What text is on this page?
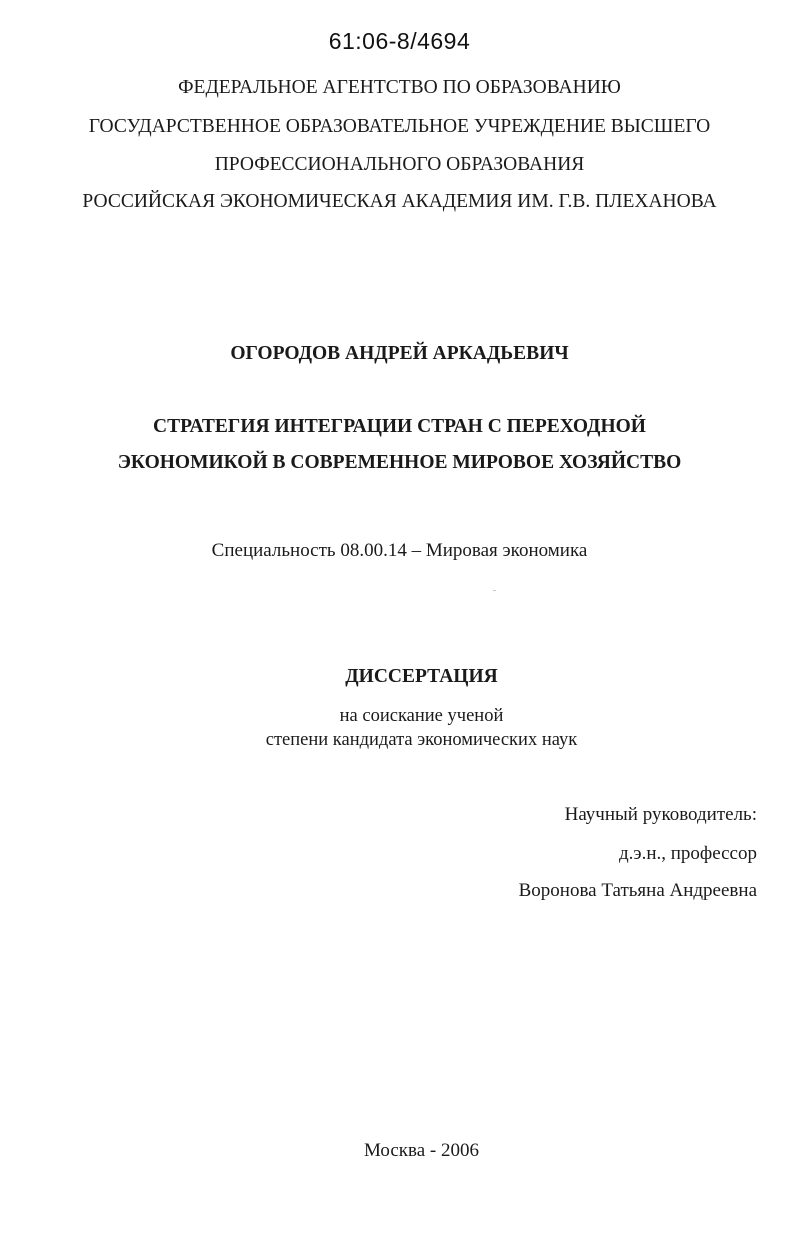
61:06-8/4694
ФЕДЕРАЛЬНОЕ АГЕНТСТВО ПО ОБРАЗОВАНИЮ
ГОСУДАРСТВЕННОЕ ОБРАЗОВАТЕЛЬНОЕ УЧРЕЖДЕНИЕ ВЫСШЕГО
ПРОФЕССИОНАЛЬНОГО ОБРАЗОВАНИЯ
РОССИЙСКАЯ ЭКОНОМИЧЕСКАЯ АКАДЕМИЯ ИМ. Г.В. ПЛЕХАНОВА
ОГОРОДОВ АНДРЕЙ АРКАДЬЕВИЧ
СТРАТЕГИЯ ИНТЕГРАЦИИ СТРАН С ПЕРЕХОДНОЙ
ЭКОНОМИКОЙ В СОВРЕМЕННОЕ МИРОВОЕ ХОЗЯЙСТВО
Специальность 08.00.14 – Мировая экономика
ДИССЕРТАЦИЯ
на соискание ученой
степени кандидата экономических наук
Научный руководитель:
д.э.н., профессор
Воронова Татьяна Андреевна
Москва - 2006
